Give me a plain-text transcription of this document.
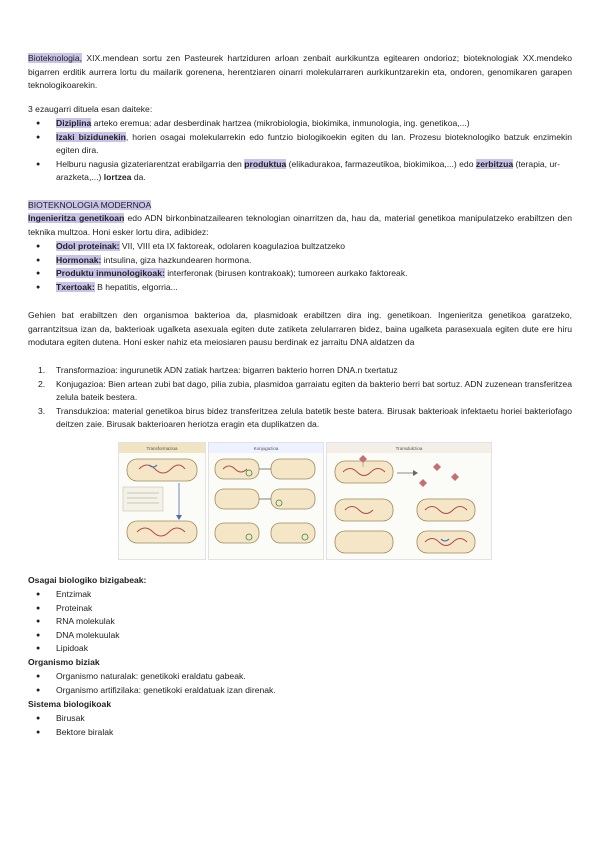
Bioteknologia, XIX.mendean sortu zen Pasteurek hartziduren arloan zenbait aurkikuntza egitearen ondorioz; bioteknologiak XX.mendeko bigarren erditik aurrera lortu du mailarik gorenena, herentziaren oinarri molekularraren aurkikuntzarekin eta, ondoren, genomikaren garapen teknologikoarekin.

3 ezaugarri dituela esan daiteke:

● Diziplina arteko eremua: adar desberdinak hartzea (mikrobiologia, biokimika, inmunologia, ing. genetikoa,...)
● Izaki bizidunekin, horien osagai molekularrekin edo funtzio biologikoekin egiten du lan. Prozesu bioteknologiko batzuk enzimekin egiten dira.
● Helburu nagusia gizateriarentzat erabilgarria den produktua (elikadurakoa, farmazeutikoa, biokimikoa,...) edo zerbitzua (terapia, ur-arazketa,...) lortzea da.
BIOTEKNOLOGIA MODERNOA

Ingenieritza genetikoan edo ADN birkonbinatzailearen teknologian oinarritzen da, hau da, material genetikoa manipulatzeko erabiltzen den teknika multzoa. Honi esker lortu dira, adibidez:

● Odol proteinak: VII, VIII eta IX faktoreak, odolaren koagulazioa bultzatzeko
● Hormonak: intsulina, giza hazkundearen hormona.
● Produktu inmunologikoak: interferonak (birusen kontrakoak); tumoreen aurkako faktoreak.
● Txertoak: B hepatitis, elgorria...

Gehien bat erabiltzen den organismoa bakterioa da, plasmidoak erabiltzen dira ing. genetikoan. Ingenieritza genetikoa garatzeko, garrantzitsua izan da, bakterioak ugalketa asexuala egiten dute zatiketa zelularraren bidez, baina ugalketa parasexuala egiten dute ere hiru modutara egiten dutena. Honi esker nahiz eta meiosiaren pausu berdinak ez jarraitu DNA aldatzen da

1. Transformazioa: ingurunetik ADN zatiak hartzea: bigarren bakterio horren DNA.n txertatuz
2. Konjugazioa: Bien artean zubi bat dago, pilia zubia, plasmidoa garraiatu egiten da bakterio berri bat sortuz. ADN zuzenean transferitzea zelula bateik bestera.
3. Transdukzioa: material genetikoa birus bidez transferitzea zelula batetik beste batera. Birusak bakterioak infektaetu horiei bakteriofago deitzen zaie. Birusak bakterioaren heriotza eragin eta duplikatzen da.
Transformazioa	Konjugazioa	Transdukzioa
Osagai biologiko bizigabeak:
● Entzimak
● Proteinak
● RNA molekulak
● DNA molekuulak
● Lipidoak
Organismo biziak
● Organismo naturalak: genetikoki eraldatu gabeak.
● Organismo artifizilaka: genetikoki eraldatuak izan direnak.
Sistema biologikoak
● Birusak
● Bektore biralak
